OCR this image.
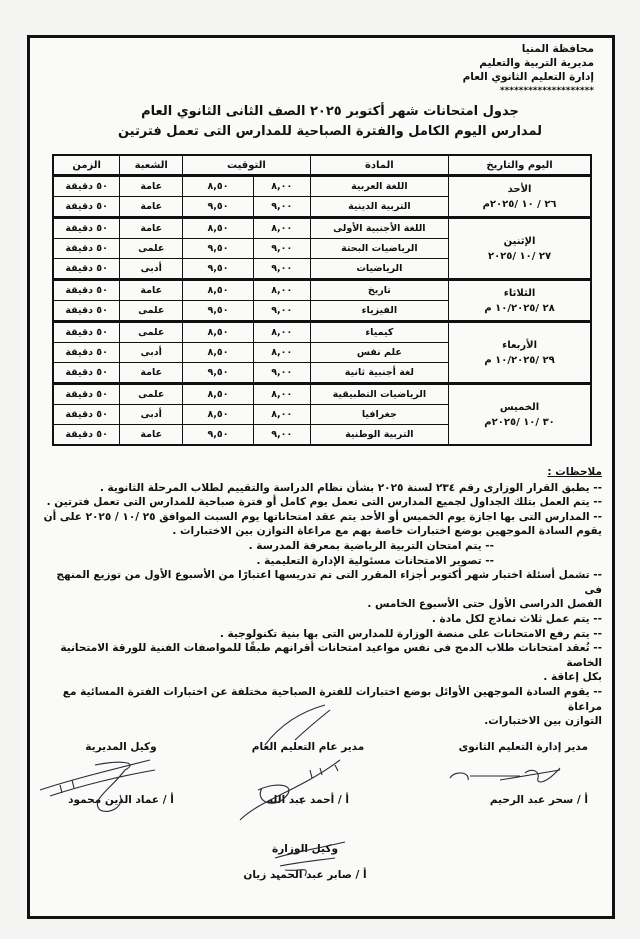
محافظة المنيا
مديرية التربية والتعليم
إدارة التعليم الثانوي العام
********************
جدول امتحانات شهر أكتوبر ٢٠٢٥ الصف الثانى الثانوي العام
لمدارس اليوم الكامل والفترة الصباحية للمدارس التى تعمل فترتين
اليوم والتاريخ	المادة	التوقيت		الشعبة	الزمن

الأحد
٢٦ / ١٠ /٢٠٢٥م	اللغة العربية	٨,٠٠	٨,٥٠	عامة	٥٠ دقيقة
	التربية الدينية	٩,٠٠	٩,٥٠	عامة	٥٠ دقيقة

الإثنين
٢٧ /١٠ /٢٠٢٥	اللغة الأجنبية الأولى	٨,٠٠	٨,٥٠	عامة	٥٠ دقيقة
	الرياضيات البحتة	٩,٠٠	٩,٥٠	علمى	٥٠ دقيقة
	الرياضيات	٩,٠٠	٩,٥٠	أدبى	٥٠ دقيقة

الثلاثاء
٢٨ /١٠/٢٠٢٥ م	تاريخ	٨,٠٠	٨,٥٠	عامة	٥٠ دقيقة
	الفيزياء	٩,٠٠	٩,٥٠	علمى	٥٠ دقيقة

الأربعاء
٢٩ /١٠/٢٠٢٥ م	كيمياء	٨,٠٠	٨,٥٠	علمى	٥٠ دقيقة
	علم نفس	٨,٠٠	٨,٥٠	أدبى	٥٠ دقيقة
	لغة أجنبية ثانية	٩,٠٠	٩,٥٠	عامة	٥٠ دقيقة

الخميس
٣٠ /١٠ /٢٠٢٥م	الرياضيات التطبيقية	٨,٠٠	٨,٥٠	علمى	٥٠ دقيقة
	جغرافيا	٨,٠٠	٨,٥٠	أدبى	٥٠ دقيقة
	التربية الوطنية	٩,٠٠	٩,٥٠	عامة	٥٠ دقيقة
ملاحظات :
-- يطبق القرار الوزارى رقم ٢٣٤ لسنة ٢٠٢٥ بشأن نظام الدراسة والتقييم لطلاب المرحلة الثانوية .
-- يتم العمل بتلك الجداول لجميع المدارس التى تعمل يوم كامل أو فترة صباحية للمدارس التى تعمل فترتين .
-- المدارس التى بها اجازة يوم الخميس أو الأحد يتم عقد امتحاناتها يوم السبت الموافق ٢٥ /١٠ / ٢٠٢٥ على أن
يقوم السادة الموجهين بوضع اختبارات خاصة بهم مع مراعاة التوازن بين الاختبارات .
-- يتم امتحان التربية الرياضية بمعرفة المدرسة .
-- تصوير الامتحانات مسئولية الإدارة التعليمية .
-- تشمل أسئلة اختبار شهر أكتوبر أجزاء المقرر التى تم تدريسها اعتبارًا من الأسبوع الأول من توزيع المنهج فى
الفصل الدراسى الأول حتى الأسبوع الخامس .
-- يتم عمل ثلاث نماذج لكل مادة .
-- يتم رفع الامتحانات على منصة الوزارة للمدارس التى بها بنية تكنولوجية .
-- تُعقد امتحانات طلاب الدمج فى نفس مواعيد امتحانات أقرانهم طبقًا للمواصفات الفنية للورقة الامتحانية الخاصة
بكل إعاقة .
-- يقوم السادة الموجهين الأوائل بوضع اختبارات للفترة الصباحية مختلفة عن اختبارات الفترة المسائية مع مراعاة
التوازن بين الاختبارات.
مدير إدارة التعليم الثانوى
أ / سحر عبد الرحيم
مدير عام التعليم العام
أ / أحمد عبد الله
وكيل المديرية
أ / عماد الدين محمود
وكيل الوزارة
أ / صابر عبد الحميد زيان
